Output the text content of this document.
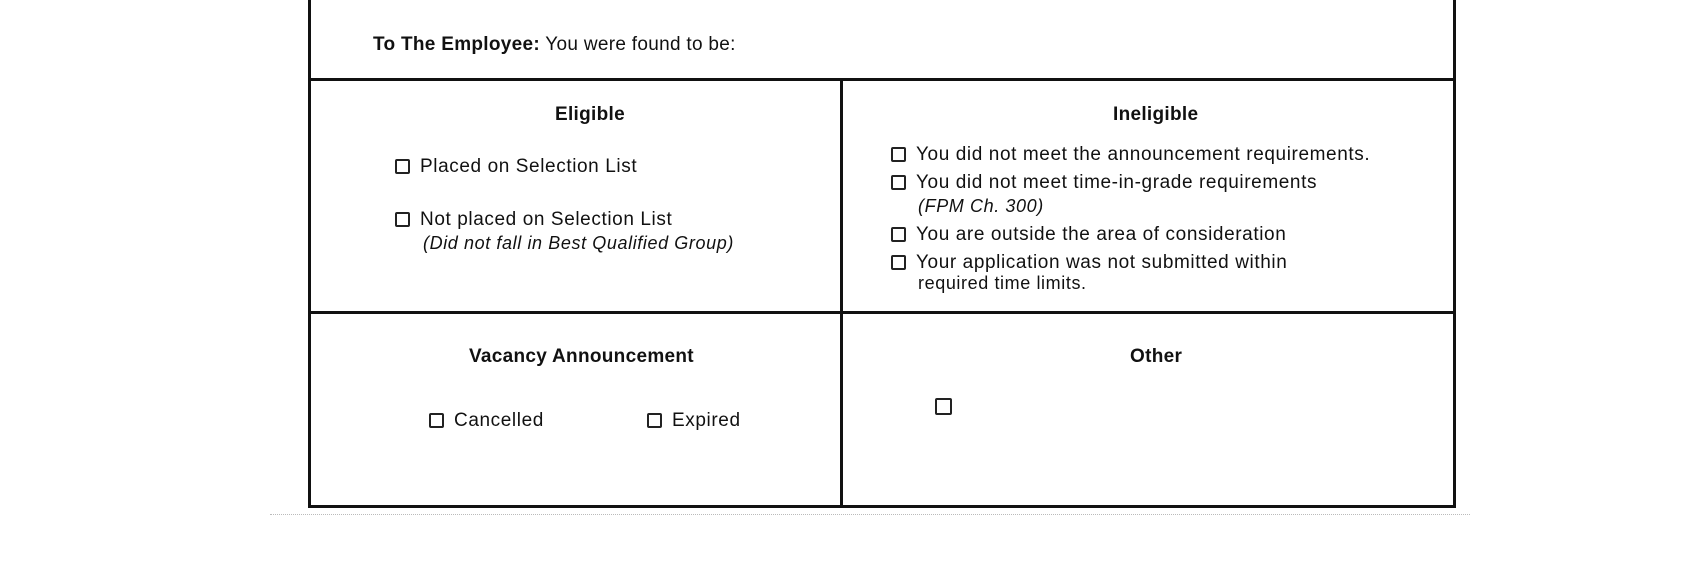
To The Employee: You were found to be:
Eligible
Placed on Selection List
Not placed on Selection List
(Did not fall in Best Qualified Group)
Ineligible
You did not meet the announcement requirements.
You did not meet time-in-grade requirements
(FPM Ch. 300)
You are outside the area of consideration
Your application was not submitted within
required time limits.
Vacancy Announcement
Cancelled	Expired
Other
